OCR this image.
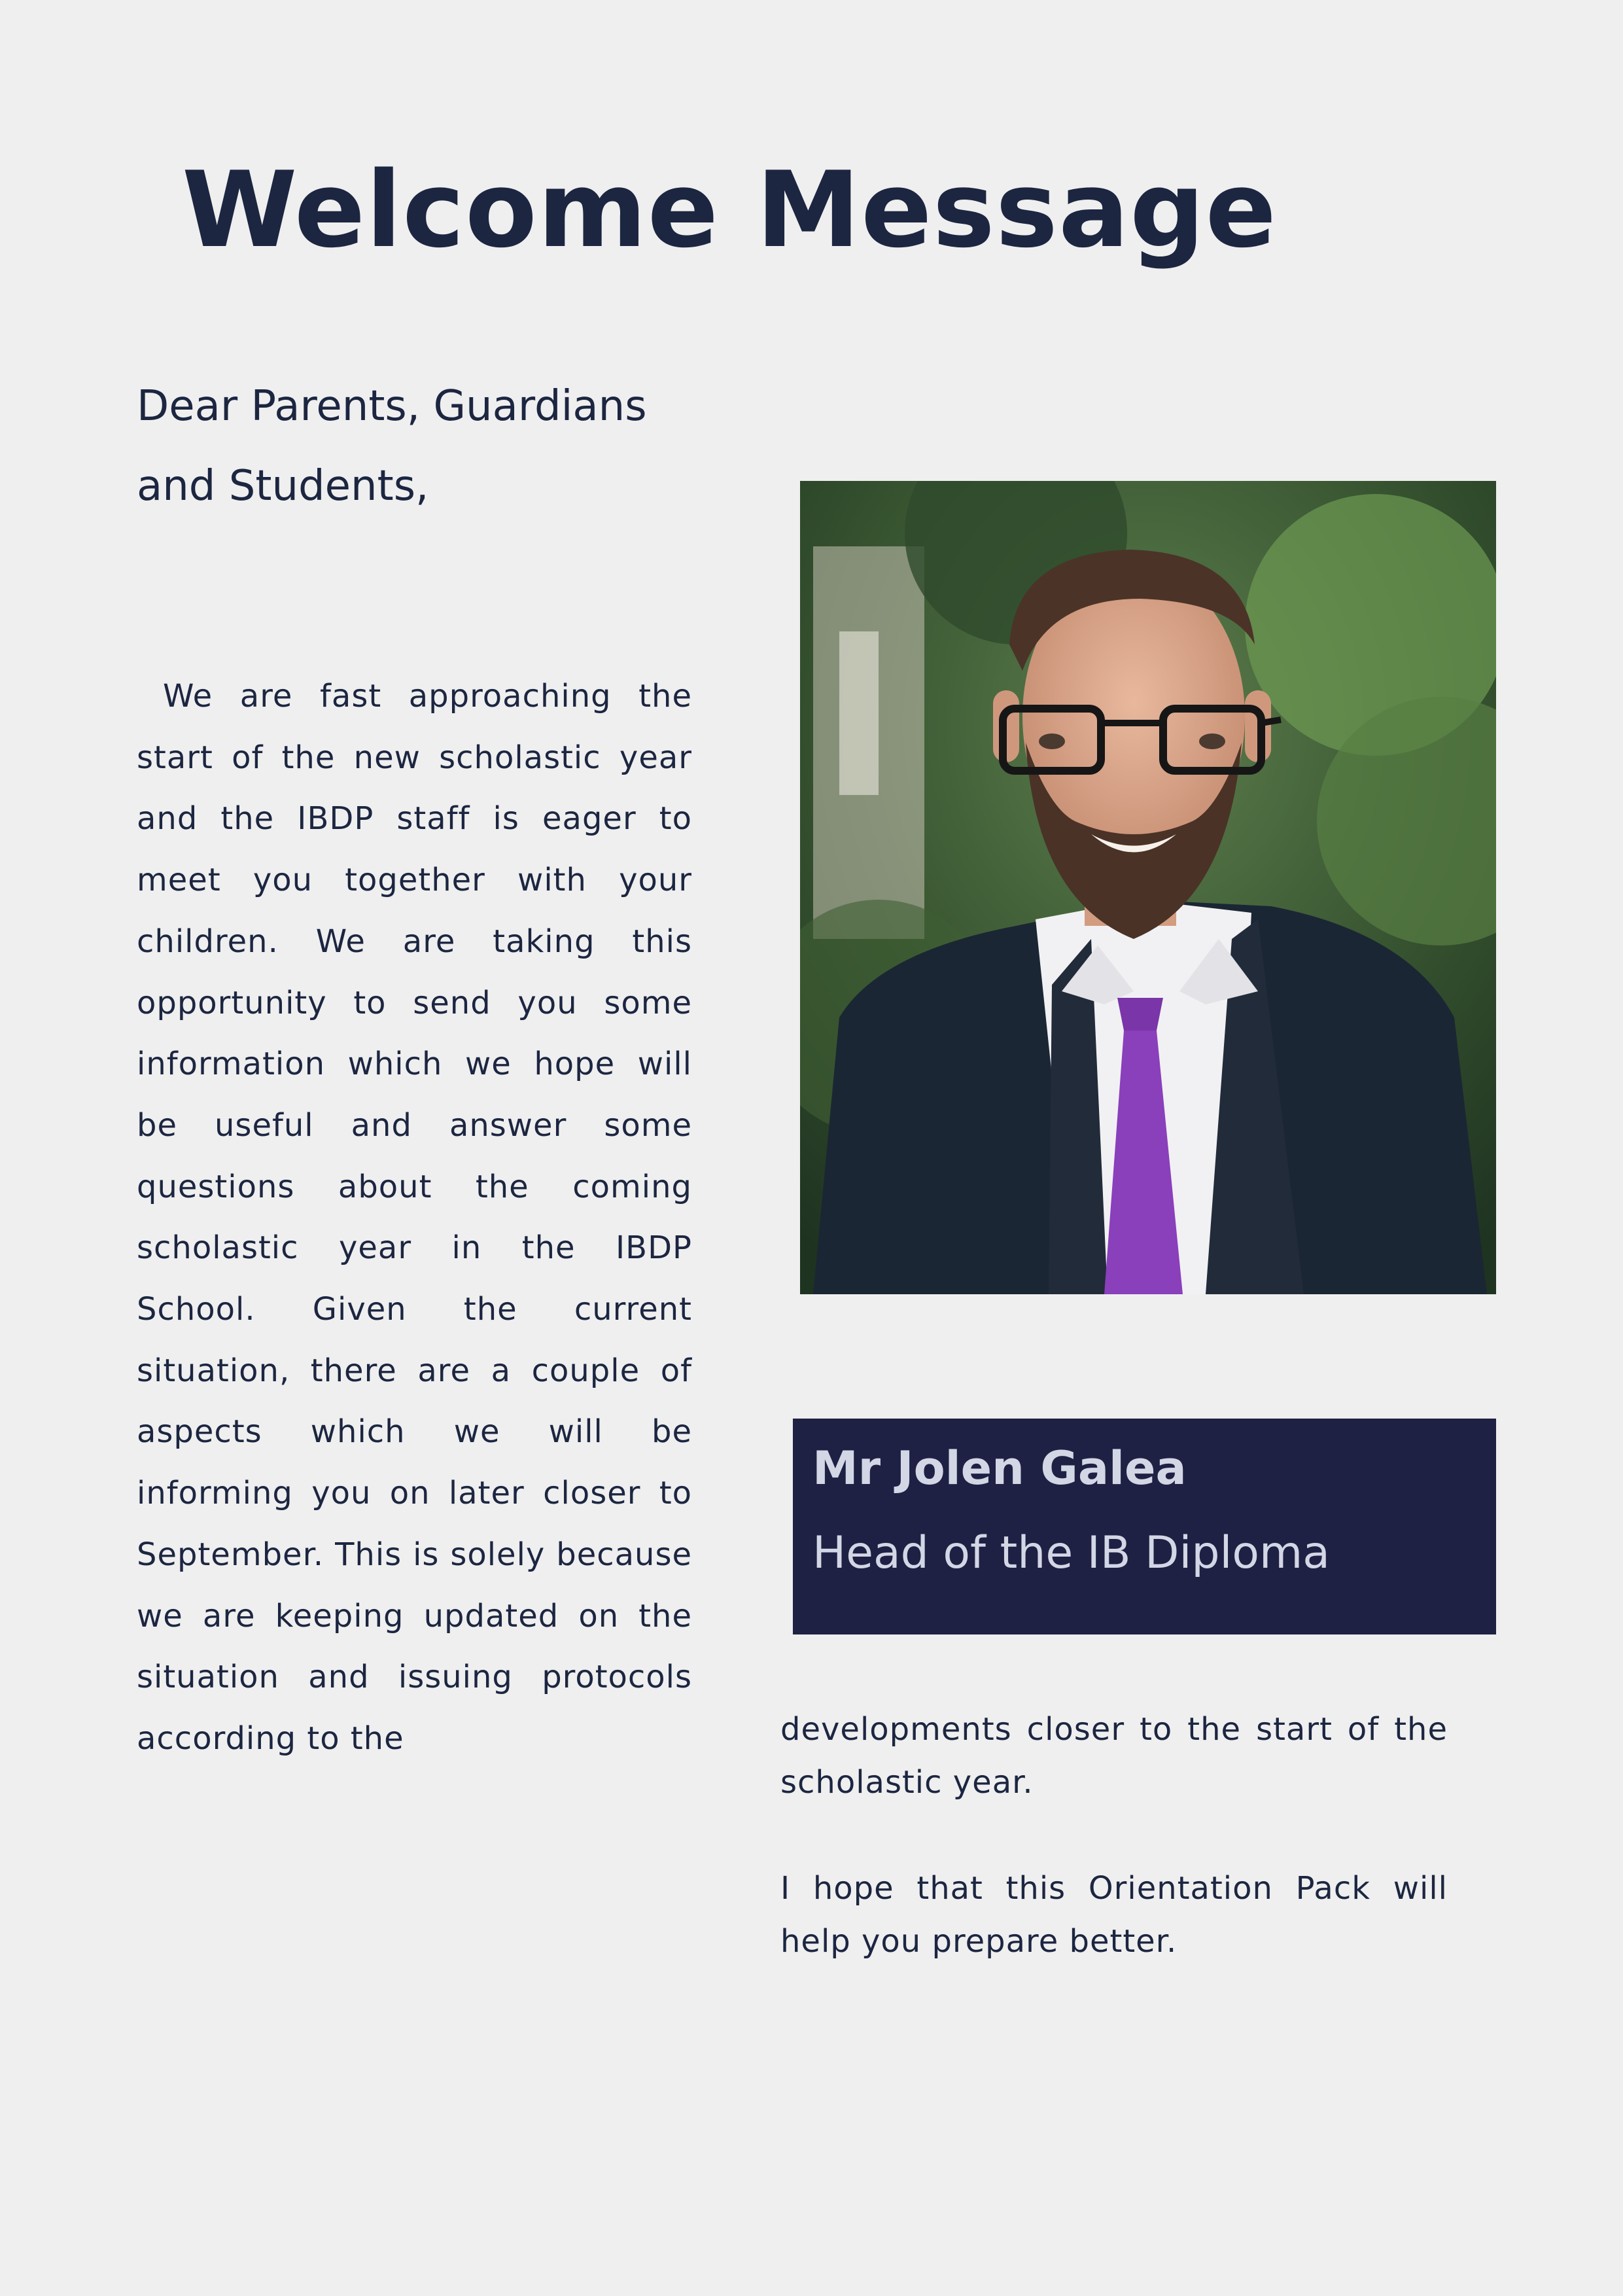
Welcome Message

Dear Parents, Guardians
and Students,

We are fast approaching the start of the new scholastic year and the IBDP staff is eager to meet you together with your children. We are taking this opportunity to send you some information which we hope will be useful and answer some questions about the coming scholastic year in the IBDP School. Given the current situation, there are a couple of aspects which we will be informing you on later closer to September. This is solely because we are keeping updated on the situation and issuing protocols according to the

Mr Jolen Galea

Head of the IB Diploma

developments closer to the start of the scholastic year.

I hope that this Orientation Pack will help you prepare better.
